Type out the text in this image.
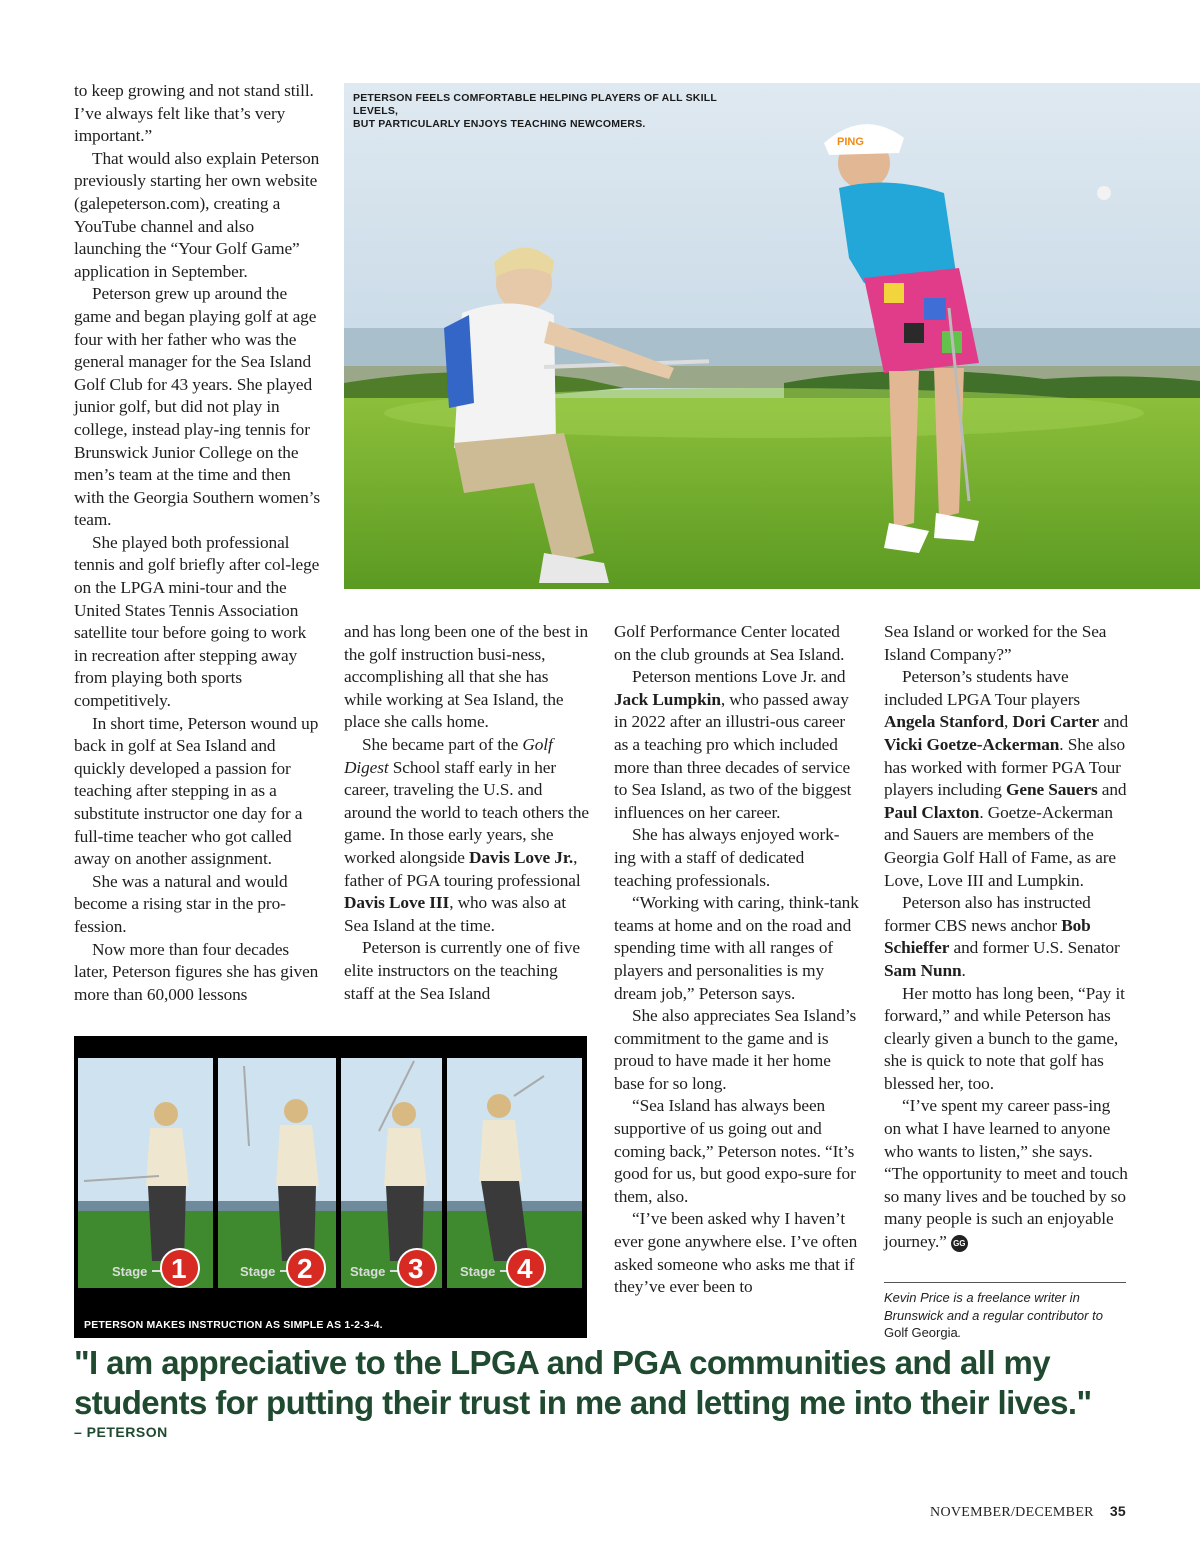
to keep growing and not stand still. I’ve always felt like that’s very important.”

That would also explain Peterson previously starting her own website (galepeterson.com), creating a YouTube channel and also launching the “Your Golf Game” application in September.

Peterson grew up around the game and began playing golf at age four with her father who was the general manager for the Sea Island Golf Club for 43 years. She played junior golf, but did not play in college, instead play-ing tennis for Brunswick Junior College on the men’s team at the time and then with the Georgia Southern women’s team.

She played both professional tennis and golf briefly after col-lege on the LPGA mini-tour and the United States Tennis Association satellite tour before going to work in recreation after stepping away from playing both sports competitively.

In short time, Peterson wound up back in golf at Sea Island and quickly developed a passion for teaching after stepping in as a substitute instructor one day for a full-time teacher who got called away on another assignment.

She was a natural and would become a rising star in the pro-fession.

Now more than four decades later, Peterson figures she has given more than 60,000 lessons

PING
PETERSON FEELS COMFORTABLE HELPING PLAYERS OF ALL SKILL LEVELS,
BUT PARTICULARLY ENJOYS TEACHING NEWCOMERS.

and has long been one of the best in the golf instruction busi-ness, accomplishing all that she has while working at Sea Island, the place she calls home.

She became part of the Golf Digest School staff early in her career, traveling the U.S. and around the world to teach others the game. In those early years, she worked alongside Davis Love Jr., father of PGA touring professional Davis Love III, who was also at Sea Island at the time.

Peterson is currently one of five elite instructors on the teaching staff at the Sea Island

Golf Performance Center located on the club grounds at Sea Island.

Peterson mentions Love Jr. and Jack Lumpkin, who passed away in 2022 after an illustri-ous career as a teaching pro which included more than three decades of service to Sea Island, as two of the biggest influences on her career.

She has always enjoyed work-ing with a staff of dedicated teaching professionals.

“Working with caring, think-tank teams at home and on the road and spending time with all ranges of players and personalities is my dream job,” Peterson says.

She also appreciates Sea Island’s commitment to the game and is proud to have made it her home base for so long.

“Sea Island has always been supportive of us going out and coming back,” Peterson notes. “It’s good for us, but good expo-sure for them, also.

“I’ve been asked why I haven’t ever gone anywhere else. I’ve often asked someone who asks me that if they’ve ever been to

Sea Island or worked for the Sea Island Company?”

Peterson’s students have included LPGA Tour players Angela Stanford, Dori Carter and Vicki Goetze-Ackerman. She also has worked with former PGA Tour players including Gene Sauers and Paul Claxton. Goetze-Ackerman and Sauers are members of the Georgia Golf Hall of Fame, as are Love, Love III and Lumpkin.

Peterson also has instructed former CBS news anchor Bob Schieffer and former U.S. Senator Sam Nunn.

Her motto has long been, “Pay it forward,” and while Peterson has clearly given a bunch to the game, she is quick to note that golf has blessed her, too.

“I’ve spent my career pass-ing on what I have learned to anyone who wants to listen,” she says. “The opportunity to meet and touch so many lives and be touched by so many people is such an enjoyable journey.” GG

Kevin Price is a freelance writer in Brunswick and a regular contributor to Golf Georgia.
Stage 1	Stage 2	Stage 3	Stage 4
PETERSON MAKES INSTRUCTION AS SIMPLE AS 1-2-3-4.
"I am appreciative to the LPGA and PGA communities and all my students for putting their trust in me and letting me into their lives."
– PETERSON
NOVEMBER/DECEMBER 35
